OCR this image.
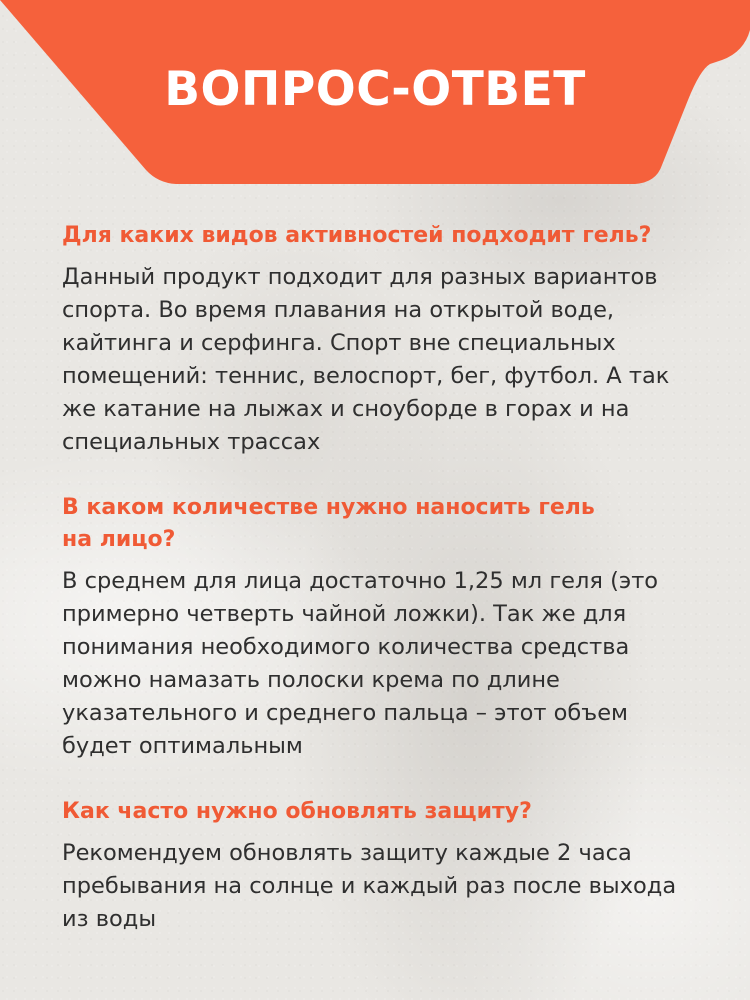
ВОПРОС-ОТВЕТ
Для каких видов активностей подходит гель?
Данный продукт подходит для разных вариантов спорта. Во время плавания на открытой воде, кайтинга и серфинга. Спорт вне специальных помещений: теннис, велоспорт, бег, футбол. А так же катание на лыжах и сноуборде в горах и на специальных трассах
В каком количестве нужно наносить гель на лицо?
В среднем для лица достаточно 1,25 мл геля (это примерно четверть чайной ложки). Так же для понимания необходимого количества средства можно намазать полоски крема по длине указательного и среднего пальца – этот объем будет оптимальным
Как часто нужно обновлять защиту?
Рекомендуем обновлять защиту каждые 2 часа пребывания на солнце и каждый раз после выхода из воды
